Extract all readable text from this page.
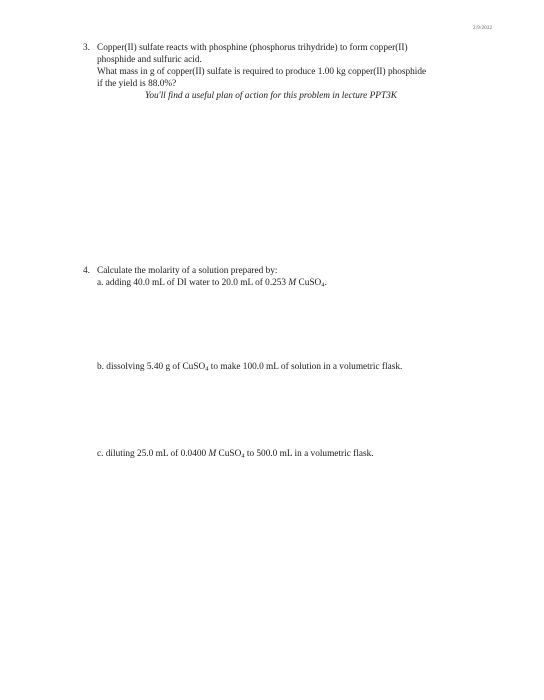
2/9/2022
3. Copper(II) sulfate reacts with phosphine (phosphorus trihydride) to form copper(II)
phosphide and sulfuric acid.
What mass in g of copper(II) sulfate is required to produce 1.00 kg copper(II) phosphide
if the yield is 88.0%?
You'll find a useful plan of action for this problem in lecture PPT3K
4. Calculate the molarity of a solution prepared by:
a. adding 40.0 mL of DI water to 20.0 mL of 0.253 M CuSO$_4$.
b. dissolving 5.40 g of CuSO$_4$ to make 100.0 mL of solution in a volumetric flask.
c. diluting 25.0 mL of 0.0400 M CuSO$_4$ to 500.0 mL in a volumetric flask.
